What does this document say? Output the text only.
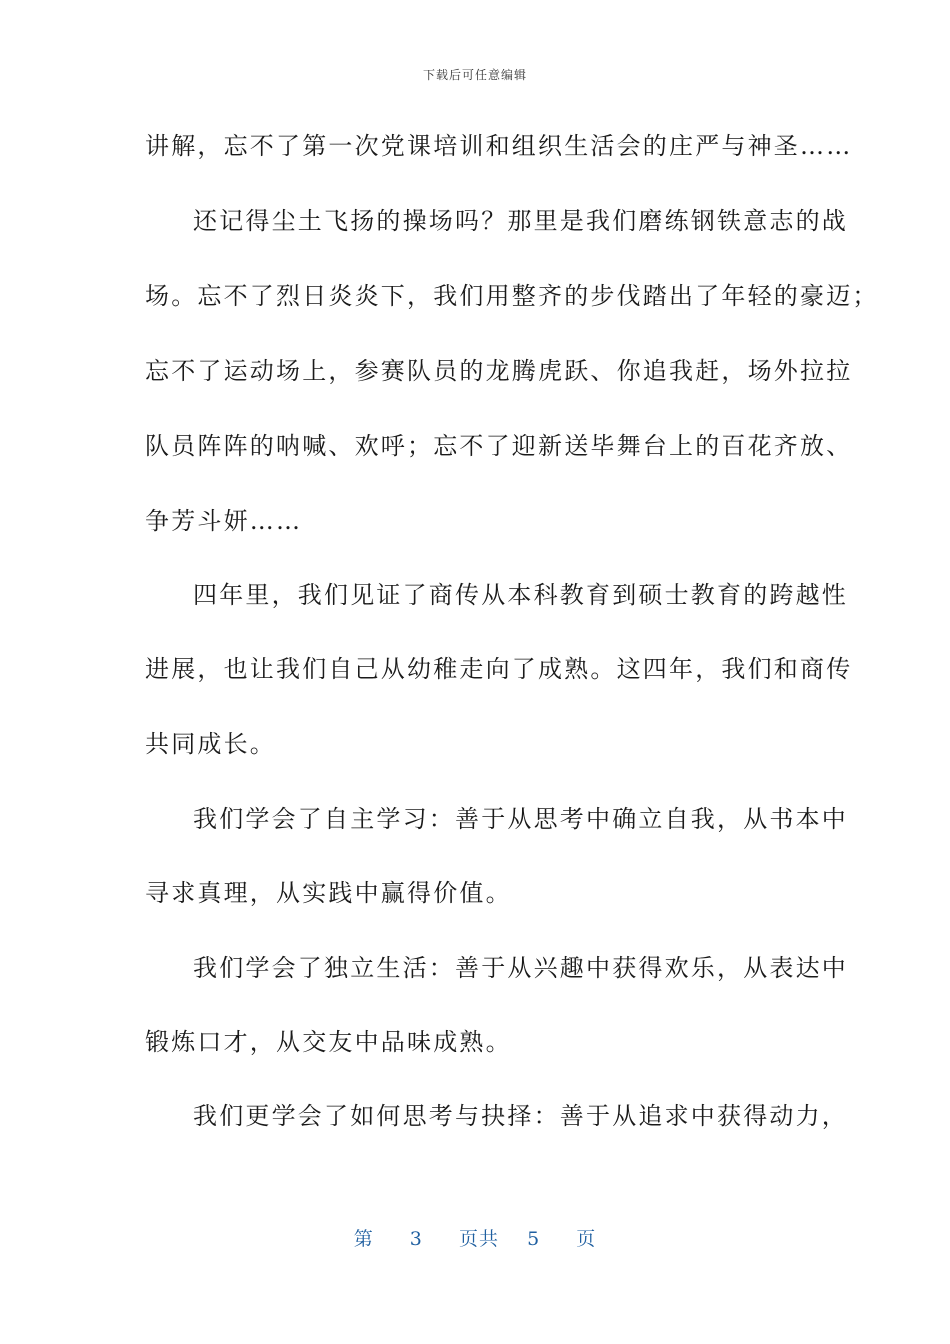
下载后可任意编辑
讲解，忘不了第一次党课培训和组织生活会的庄严与神圣……
还记得尘土飞扬的操场吗？那里是我们磨练钢铁意志的战
场。忘不了烈日炎炎下，我们用整齐的步伐踏出了年轻的豪迈；
忘不了运动场上，参赛队员的龙腾虎跃、你追我赶，场外拉拉
队员阵阵的呐喊、欢呼；忘不了迎新送毕舞台上的百花齐放、
争芳斗妍……
四年里，我们见证了商传从本科教育到硕士教育的跨越性
进展，也让我们自己从幼稚走向了成熟。这四年，我们和商传
共同成长。
我们学会了自主学习：善于从思考中确立自我，从书本中
寻求真理，从实践中赢得价值。
我们学会了独立生活：善于从兴趣中获得欢乐，从表达中
锻炼口才，从交友中品味成熟。
我们更学会了如何思考与抉择：善于从追求中获得动力，
第 3 页共 5 页
